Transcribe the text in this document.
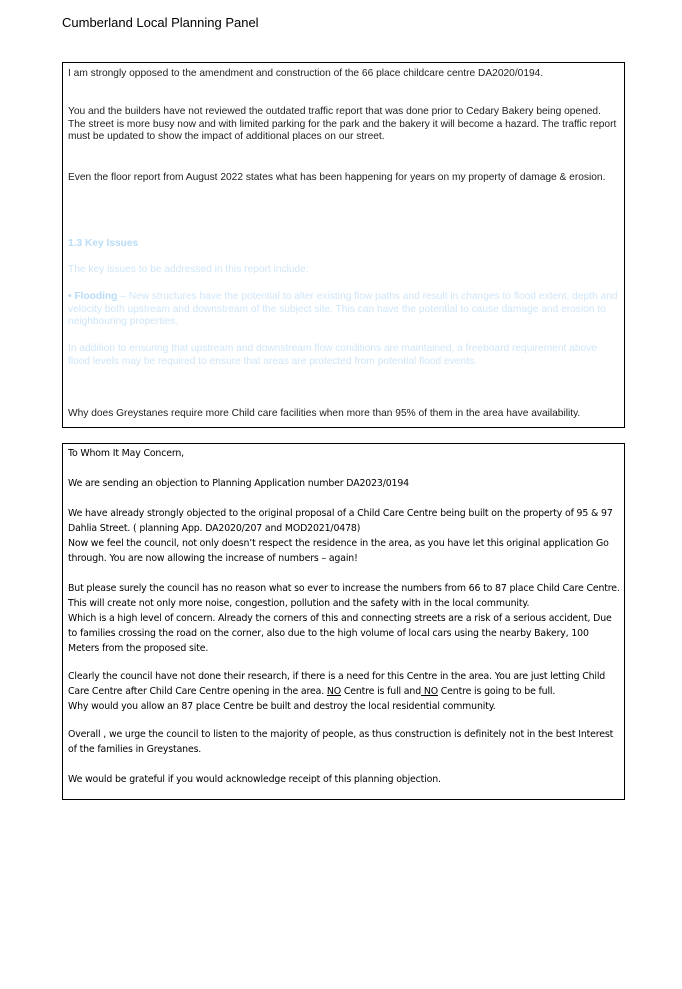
Cumberland Local Planning Panel

I am strongly opposed to the amendment and construction of the 66 place childcare centre DA2020/0194.

You and the builders have not reviewed the outdated traffic report that was done prior to Cedary Bakery being opened. The street is more busy now and with limited parking for the park and the bakery it will become a hazard. The traffic report must be updated to show the impact of additional places on our street.

Even the floor report from August 2022 states what has been happening for years on my property of damage & erosion.

1.3 Key Issues

The key issues to be addressed in this report include:

• Flooding – New structures have the potential to alter existing flow paths and result in changes to flood extent, depth and velocity both upstream and downstream of the subject site. This can have the potential to cause damage and erosion to neighbouring properties.

In addition to ensuring that upstream and downstream flow conditions are maintained, a freeboard requirement above flood levels may be required to ensure that areas are protected from potential flood events.

Why does Greystanes require more Child care facilities when more than 95% of them in the area have availability.

To Whom It May Concern,

We are sending an objection to Planning Application number DA2023/0194

We have already strongly objected to the original proposal of a Child Care Centre being built on the property of 95 & 97 Dahlia Street. ( planning App. DA2020/207 and MOD2021/0478)
Now we feel the council, not only doesn’t respect the residence in the area, as you have let this original application Go through. You are now allowing the increase of numbers – again!

But please surely the council has no reason what so ever to increase the numbers from 66 to 87 place Child Care Centre. This will create not only more noise, congestion, pollution and the safety with in the local community.
Which is a high level of concern. Already the corners of this and connecting streets are a risk of a serious accident, Due to families crossing the road on the corner, also due to the high volume of local cars using the nearby Bakery, 100 Meters from the proposed site.

Clearly the council have not done their research, if there is a need for this Centre in the area. You are just letting Child Care Centre after Child Care Centre opening in the area. NO Centre is full and NO Centre is going to be full.
Why would you allow an 87 place Centre be built and destroy the local residential community.

Overall , we urge the council to listen to the majority of people, as thus construction is definitely not in the best Interest of the families in Greystanes.

We would be grateful if you would acknowledge receipt of this planning objection.
